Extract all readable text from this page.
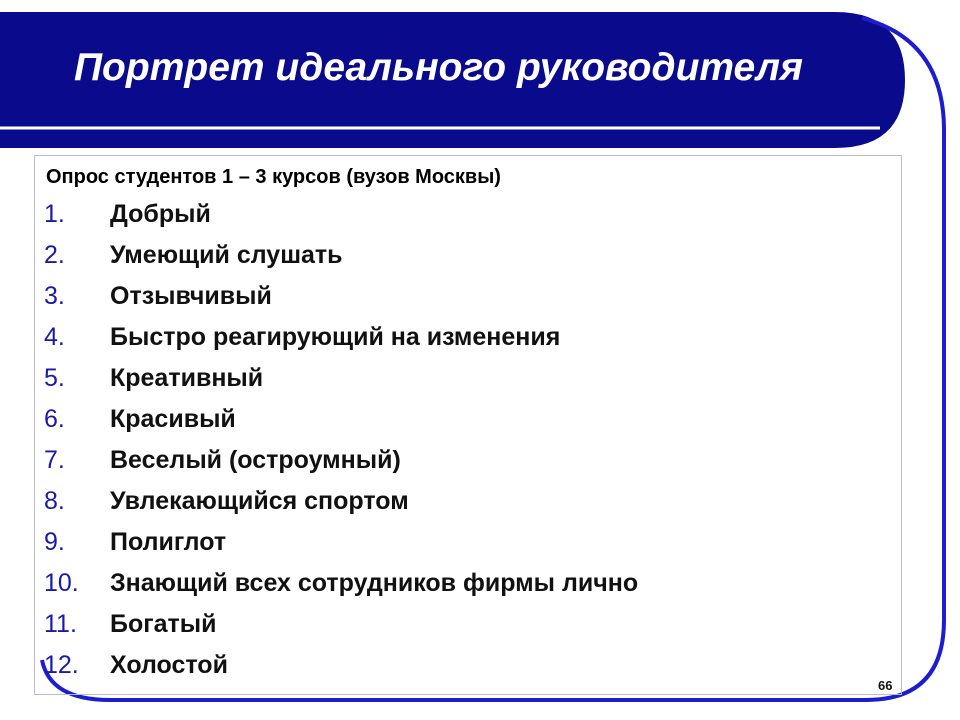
Портрет идеального руководителя
Опрос студентов 1 – 3 курсов (вузов Москвы)
1. Добрый
2. Умеющий слушать
3. Отзывчивый
4. Быстро реагирующий на изменения
5. Креативный
6. Красивый
7. Веселый (остроумный)
8. Увлекающийся спортом
9. Полиглот
10. Знающий всех сотрудников фирмы лично
11. Богатый
12. Холостой
66
